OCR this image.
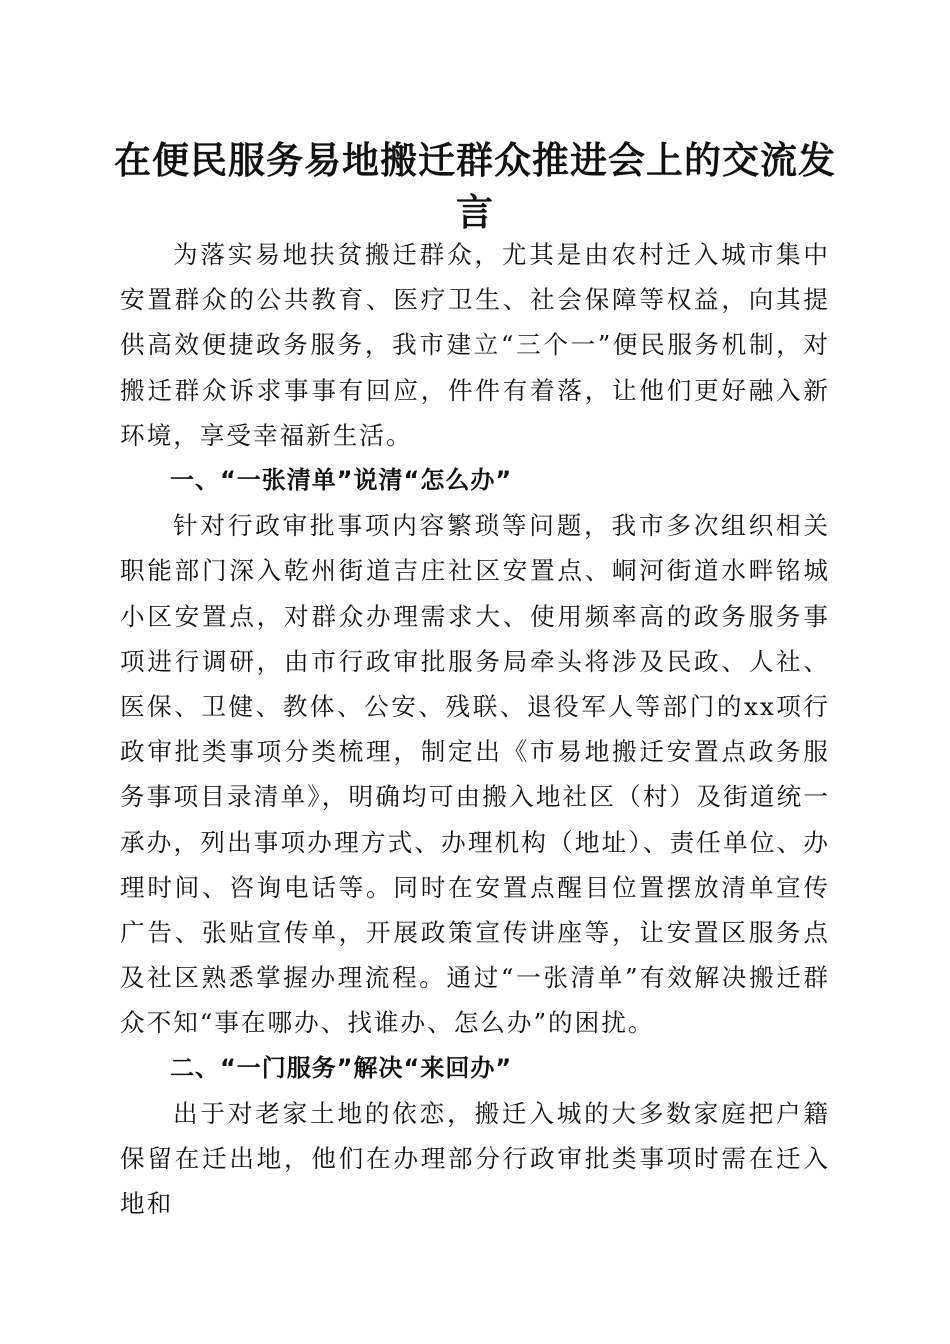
在便民服务易地搬迁群众推进会上的交流发言

为落实易地扶贫搬迁群众，尤其是由农村迁入城市集中安置群众的公共教育、医疗卫生、社会保障等权益，向其提供高效便捷政务服务，我市建立“三个一”便民服务机制，对搬迁群众诉求事事有回应，件件有着落，让他们更好融入新环境，享受幸福新生活。

一、“一张清单”说清“怎么办”

针对行政审批事项内容繁琐等问题，我市多次组织相关职能部门深入乾州街道吉庄社区安置点、峒河街道水畔铭城小区安置点，对群众办理需求大、使用频率高的政务服务事项进行调研，由市行政审批服务局牵头将涉及民政、人社、医保、卫健、教体、公安、残联、退役军人等部门的xx项行政审批类事项分类梳理，制定出《市易地搬迁安置点政务服务事项目录清单》，明确均可由搬入地社区（村）及街道统一承办，列出事项办理方式、办理机构（地址）、责任单位、办理时间、咨询电话等。同时在安置点醒目位置摆放清单宣传广告、张贴宣传单，开展政策宣传讲座等，让安置区服务点及社区熟悉掌握办理流程。通过“一张清单”有效解决搬迁群众不知“事在哪办、找谁办、怎么办”的困扰。

二、“一门服务”解决“来回办”

出于对老家土地的依恋，搬迁入城的大多数家庭把户籍保留在迁出地，他们在办理部分行政审批类事项时需在迁入地和
